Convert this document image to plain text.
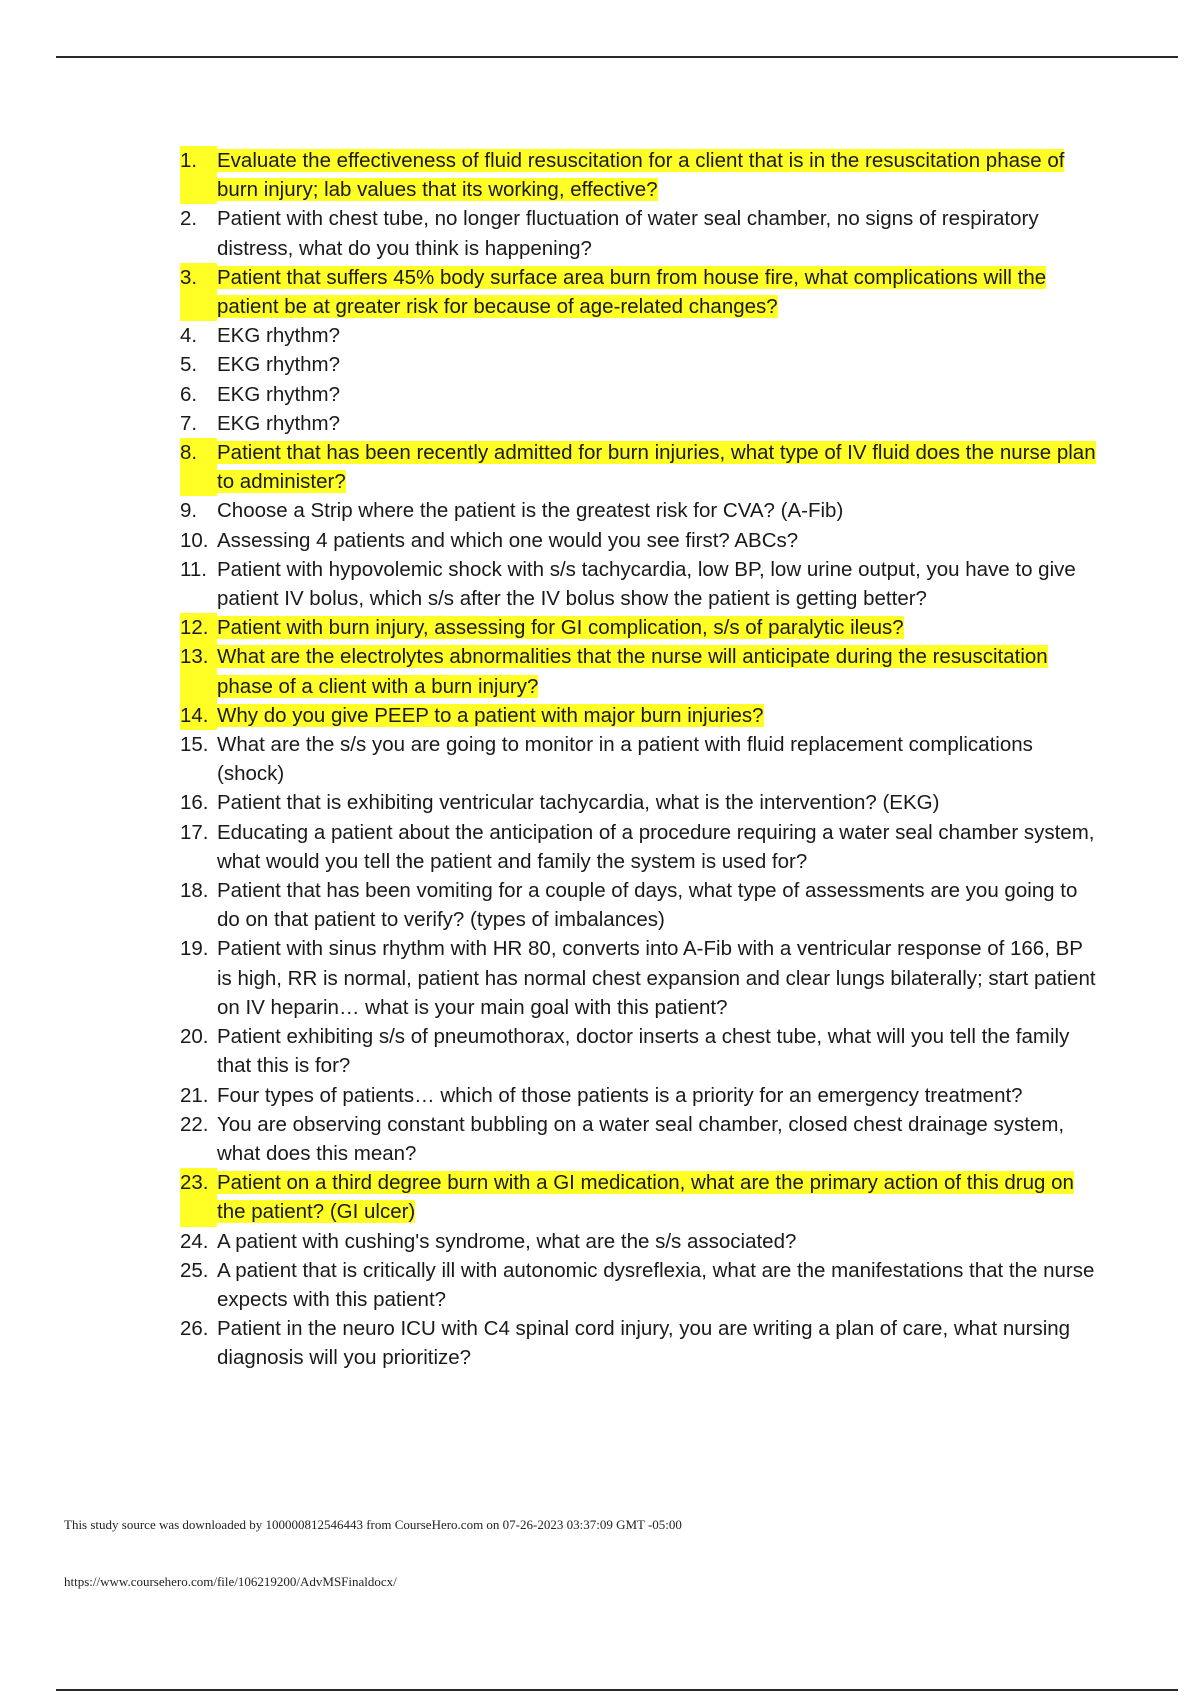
1. Evaluate the effectiveness of fluid resuscitation for a client that is in the resuscitation phase of burn injury; lab values that its working, effective?
2. Patient with chest tube, no longer fluctuation of water seal chamber, no signs of respiratory distress, what do you think is happening?
3. Patient that suffers 45% body surface area burn from house fire, what complications will the patient be at greater risk for because of age-related changes?
4. EKG rhythm?
5. EKG rhythm?
6. EKG rhythm?
7. EKG rhythm?
8. Patient that has been recently admitted for burn injuries, what type of IV fluid does the nurse plan to administer?
9. Choose a Strip where the patient is the greatest risk for CVA? (A-Fib)
10. Assessing 4 patients and which one would you see first? ABCs?
11. Patient with hypovolemic shock with s/s tachycardia, low BP, low urine output, you have to give patient IV bolus, which s/s after the IV bolus show the patient is getting better?
12. Patient with burn injury, assessing for GI complication, s/s of paralytic ileus?
13. What are the electrolytes abnormalities that the nurse will anticipate during the resuscitation phase of a client with a burn injury?
14. Why do you give PEEP to a patient with major burn injuries?
15. What are the s/s you are going to monitor in a patient with fluid replacement complications (shock)
16. Patient that is exhibiting ventricular tachycardia, what is the intervention? (EKG)
17. Educating a patient about the anticipation of a procedure requiring a water seal chamber system, what would you tell the patient and family the system is used for?
18. Patient that has been vomiting for a couple of days, what type of assessments are you going to do on that patient to verify? (types of imbalances)
19. Patient with sinus rhythm with HR 80, converts into A-Fib with a ventricular response of 166, BP is high, RR is normal, patient has normal chest expansion and clear lungs bilaterally; start patient on IV heparin… what is your main goal with this patient?
20. Patient exhibiting s/s of pneumothorax, doctor inserts a chest tube, what will you tell the family that this is for?
21. Four types of patients… which of those patients is a priority for an emergency treatment?
22. You are observing constant bubbling on a water seal chamber, closed chest drainage system, what does this mean?
23. Patient on a third degree burn with a GI medication, what are the primary action of this drug on the patient? (GI ulcer)
24. A patient with cushing's syndrome, what are the s/s associated?
25. A patient that is critically ill with autonomic dysreflexia, what are the manifestations that the nurse expects with this patient?
26. Patient in the neuro ICU with C4 spinal cord injury, you are writing a plan of care, what nursing diagnosis will you prioritize?
This study source was downloaded by 100000812546443 from CourseHero.com on 07-26-2023 03:37:09 GMT -05:00
https://www.coursehero.com/file/106219200/AdvMSFinaldocx/
